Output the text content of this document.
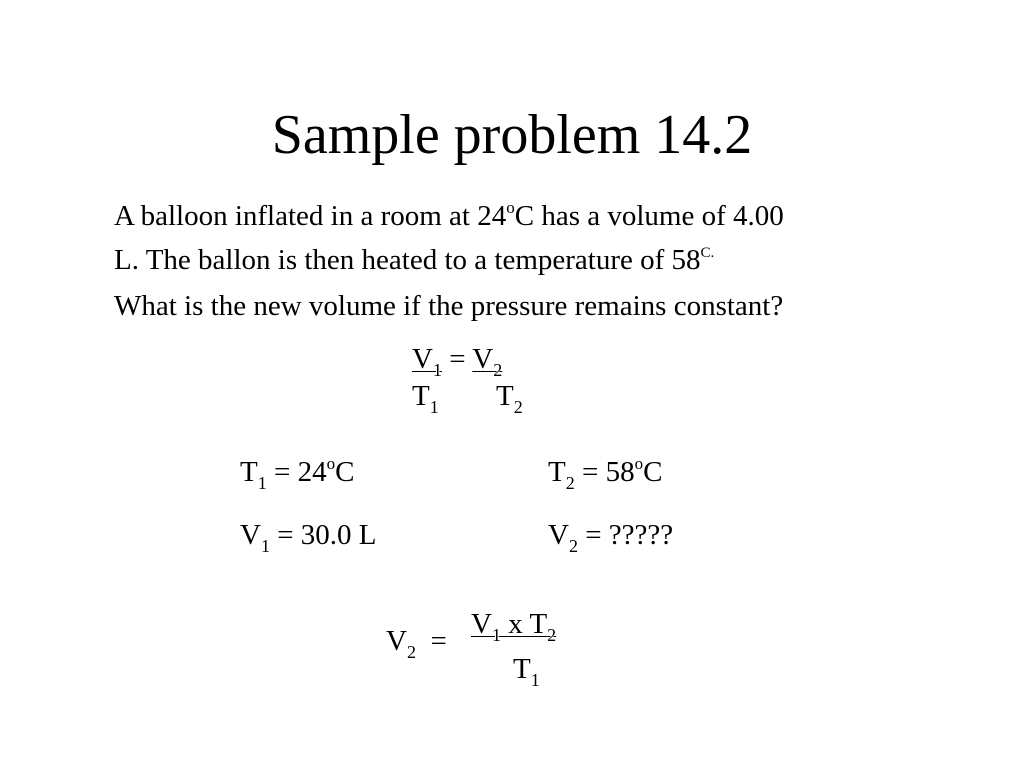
Sample problem 14.2
A balloon inflated in a room at 24$^o$C has a volume of 4.00
L. The ballon is then heated to a temperature of $58^{C.}$
What is the new volume if the pressure remains constant?
$V_1 = V_2$
$T_1$ $T_2$
$T_1 = 24^oC$	$T_2 = 58^oC$
$V_1 = 30.0$ L	$V_2$ = ?????
$V_2$ =
$V_1$ x $T_2$
$T_1$
